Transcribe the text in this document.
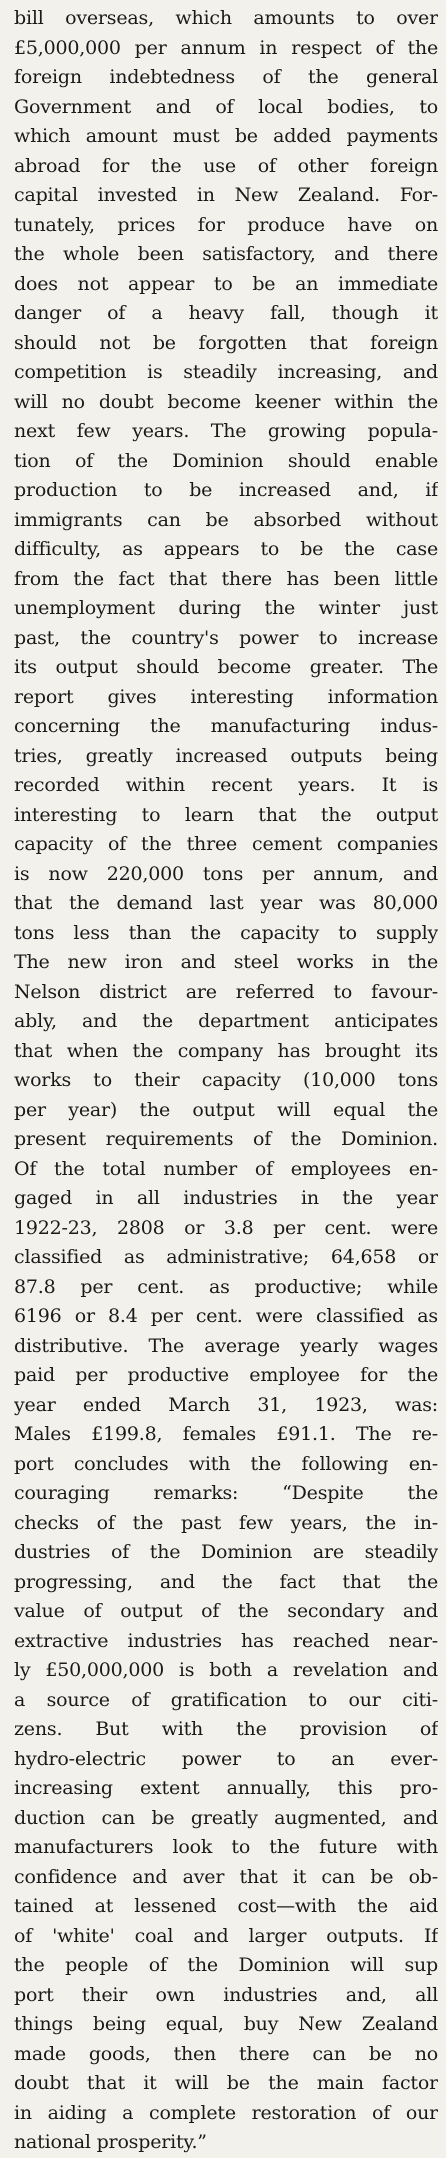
bill overseas, which amounts to over
£5,000,000 per annum in respect of the
foreign indebtedness of the general
Government and of local bodies, to
which amount must be added payments
abroad for the use of other foreign
capital invested in New Zealand. For-
tunately, prices for produce have on
the whole been satisfactory, and there
does not appear to be an immediate
danger of a heavy fall, though it
should not be forgotten that foreign
competition is steadily increasing, and
will no doubt become keener within the
next few years. The growing popula-
tion of the Dominion should enable
production to be increased and, if
immigrants can be absorbed without
difficulty, as appears to be the case
from the fact that there has been little
unemployment during the winter just
past, the country's power to increase
its output should become greater. The
report gives interesting information
concerning the manufacturing indus-
tries, greatly increased outputs being
recorded within recent years. It is
interesting to learn that the output
capacity of the three cement companies
is now 220,000 tons per annum, and
that the demand last year was 80,000
tons less than the capacity to supply
The new iron and steel works in the
Nelson district are referred to favour-
ably, and the department anticipates
that when the company has brought its
works to their capacity (10,000 tons
per year) the output will equal the
present requirements of the Dominion.
Of the total number of employees en-
gaged in all industries in the year
1922-23, 2808 or 3.8 per cent. were
classified as administrative; 64,658 or
87.8 per cent. as productive; while
6196 or 8.4 per cent. were classified as
distributive. The average yearly wages
paid per productive employee for the
year ended March 31, 1923, was:
Males £199.8, females £91.1. The re-
port concludes with the following en-
couraging remarks: “Despite the
checks of the past few years, the in-
dustries of the Dominion are steadily
progressing, and the fact that the
value of output of the secondary and
extractive industries has reached near-
ly £50,000,000 is both a revelation and
a source of gratification to our citi-
zens. But with the provision of
hydro-electric power to an ever-
increasing extent annually, this pro-
duction can be greatly augmented, and
manufacturers look to the future with
confidence and aver that it can be ob-
tained at lessened cost—with the aid
of 'white' coal and larger outputs. If
the people of the Dominion will sup
port their own industries and, all
things being equal, buy New Zealand
made goods, then there can be no
doubt that it will be the main factor
in aiding a complete restoration of our
national prosperity.”
